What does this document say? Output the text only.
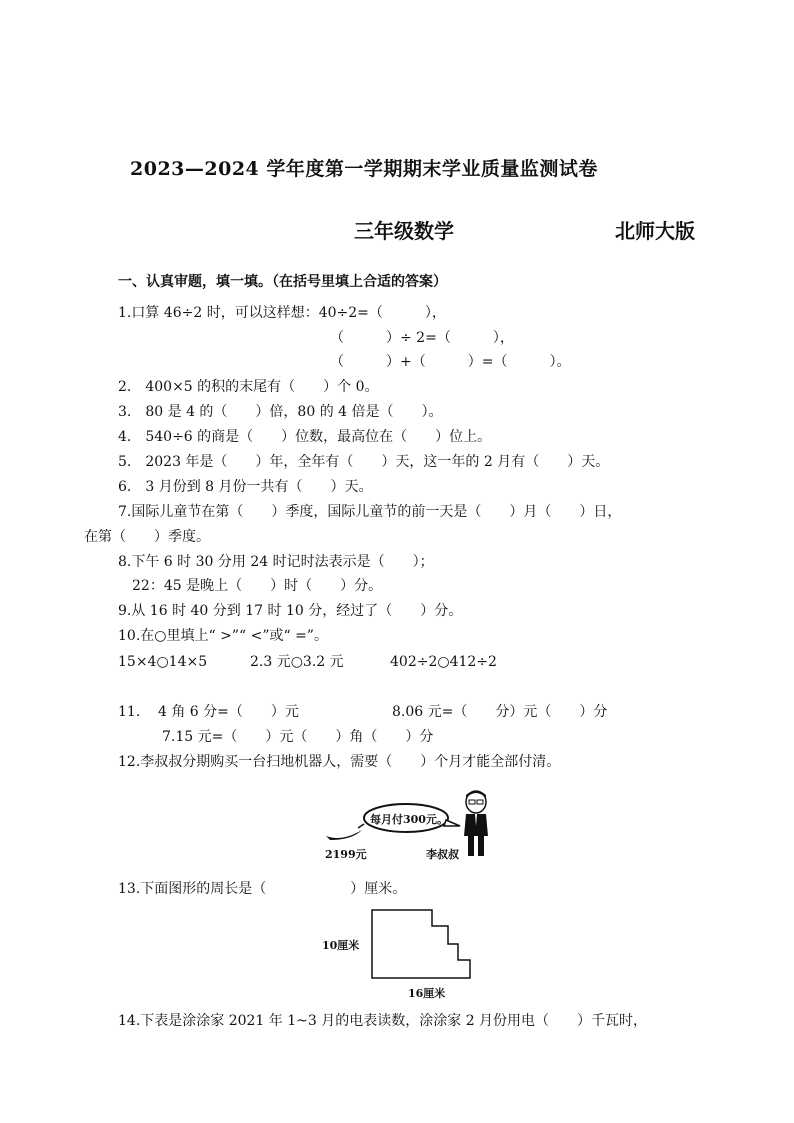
2023—2024 学年度第一学期期末学业质量监测试卷
三年级数学	北师大版
一、认真审题，填一填。（在括号里填上合适的答案）
1.口算 46÷2 时，可以这样想：40÷2=（　　　），
（　　　）÷ 2=（　　　），
（　　　）+（　　　）=（　　　）。
2.　400×5 的积的末尾有（　　）个 0。
3.　80 是 4 的（　　）倍，80 的 4 倍是（　　）。
4.　540÷6 的商是（　　）位数，最高位在（　　）位上。
5.　2023 年是（　　）年，全年有（　　）天，这一年的 2 月有（　　）天。
6.　3 月份到 8 月份一共有（　　）天。
7.国际儿童节在第（　　）季度，国际儿童节的前一天是（　　）月（　　）日，
在第（　　）季度。
8.下午 6 时 30 分用 24 时记时法表示是（　　）；
22：45 是晚上（　　）时（　　）分。
9.从 16 时 40 分到 17 时 10 分，经过了（　　）分。
10.在○里填上“ >”“ <”或“ =”。
15×4○14×5	2.3 元○3.2 元	402÷2○412÷2
11. 4 角 6 分=（　　）元	8.06 元=（　　分）元（　　）分
7.15 元=（　　）元（　　）角（　　）分
12.李叔叔分期购买一台扫地机器人，需要（　　）个月才能全部付清。
2199元
每月付300元。
李叔叔
13.下面图形的周长是（　　　　　　）厘米。
10厘米
16厘米
14.下表是涂涂家 2021 年 1~3 月的电表读数，涂涂家 2 月份用电（　　）千瓦时，
